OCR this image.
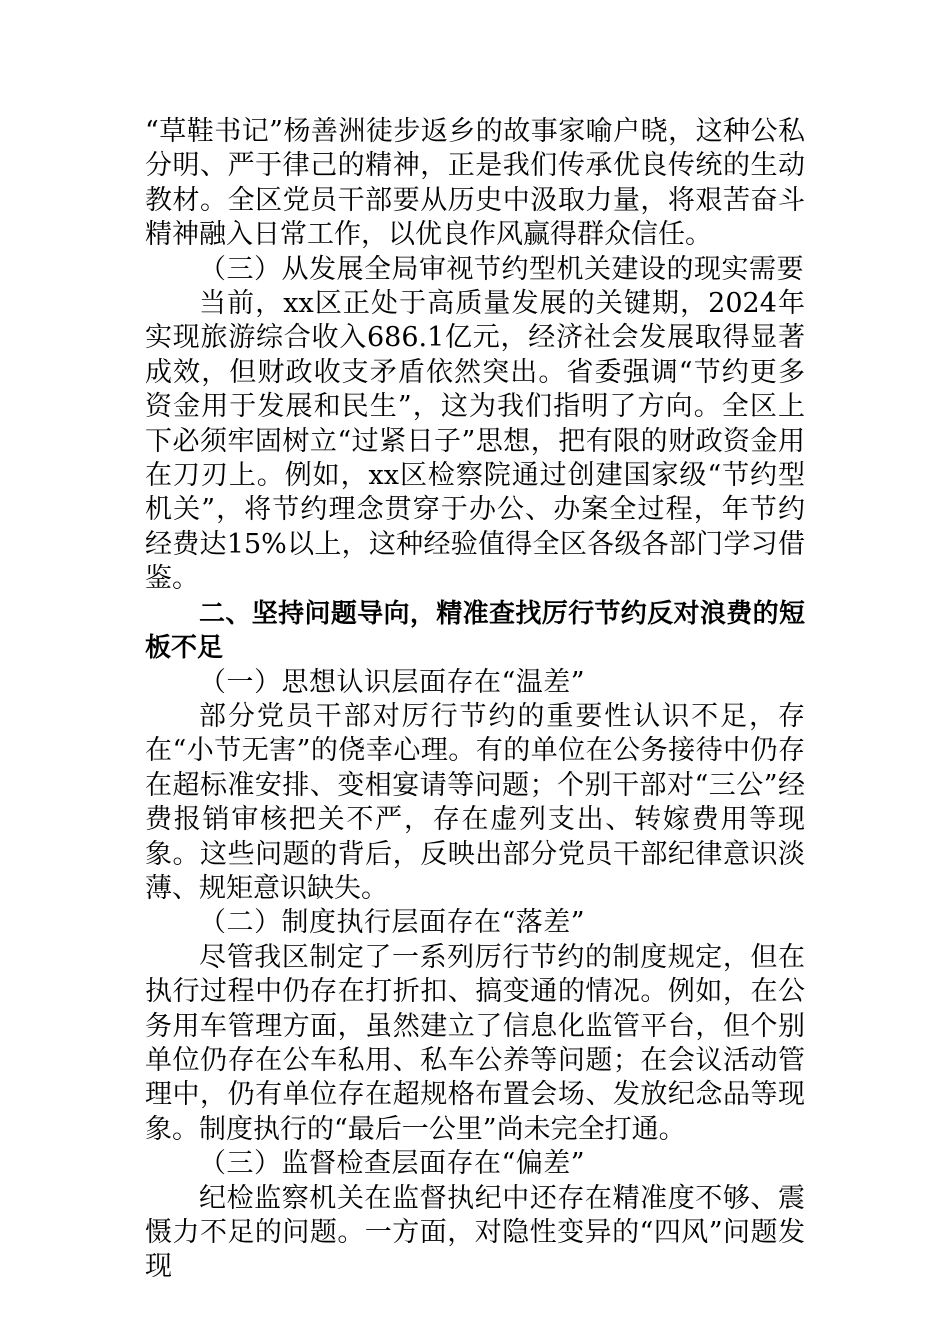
“草鞋书记”杨善洲徒步返乡的故事家喻户晓，这种公私分明、严于律己的精神，正是我们传承优良传统的生动教材。全区党员干部要从历史中汲取力量，将艰苦奋斗精神融入日常工作，以优良作风赢得群众信任。

（三）从发展全局审视节约型机关建设的现实需要

当前，xx区正处于高质量发展的关键期，2024年实现旅游综合收入686.1亿元，经济社会发展取得显著成效，但财政收支矛盾依然突出。省委强调“节约更多资金用于发展和民生”，这为我们指明了方向。全区上下必须牢固树立“过紧日子”思想，把有限的财政资金用在刀刃上。例如，xx区检察院通过创建国家级“节约型机关”，将节约理念贯穿于办公、办案全过程，年节约经费达15%以上，这种经验值得全区各级各部门学习借鉴。

二、坚持问题导向，精准查找厉行节约反对浪费的短板不足

（一）思想认识层面存在“温差”

部分党员干部对厉行节约的重要性认识不足，存在“小节无害”的侥幸心理。有的单位在公务接待中仍存在超标准安排、变相宴请等问题；个别干部对“三公”经费报销审核把关不严，存在虚列支出、转嫁费用等现象。这些问题的背后，反映出部分党员干部纪律意识淡薄、规矩意识缺失。

（二）制度执行层面存在“落差”

尽管我区制定了一系列厉行节约的制度规定，但在执行过程中仍存在打折扣、搞变通的情况。例如，在公务用车管理方面，虽然建立了信息化监管平台，但个别单位仍存在公车私用、私车公养等问题；在会议活动管理中，仍有单位存在超规格布置会场、发放纪念品等现象。制度执行的“最后一公里”尚未完全打通。

（三）监督检查层面存在“偏差”

纪检监察机关在监督执纪中还存在精准度不够、震慑力不足的问题。一方面，对隐性变异的“四风”问题发现
